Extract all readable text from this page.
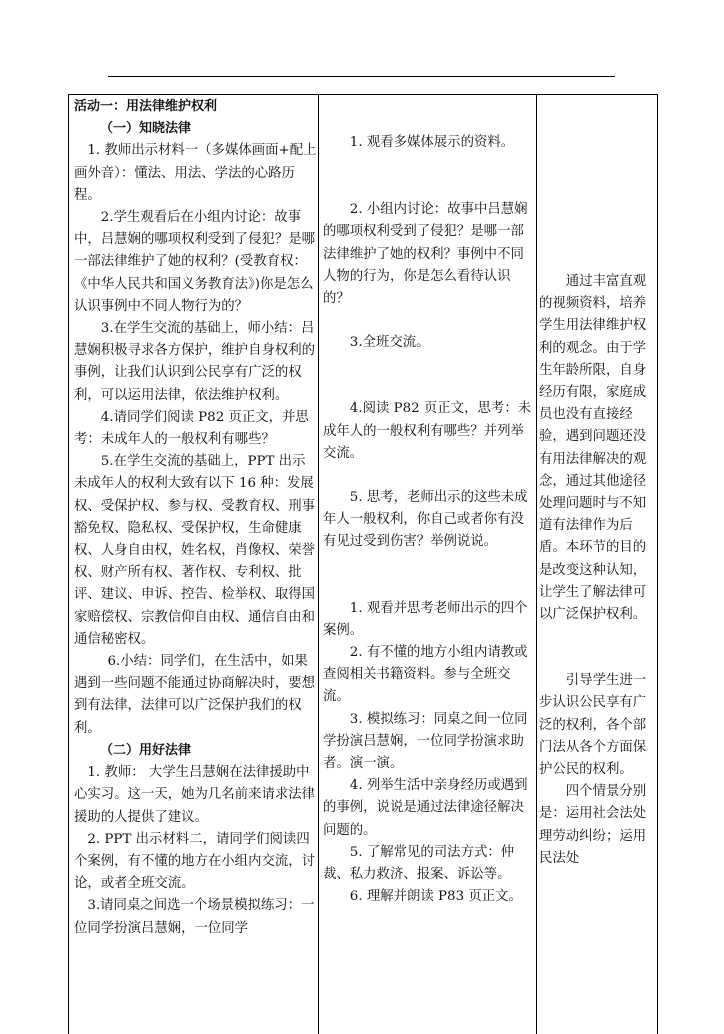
活动一：用法律维护权利
（一）知晓法律

1. 教师出示材料一（多媒体画面+配上画外音）：懂法、用法、学法的心路历程。

2.学生观看后在小组内讨论：故事中，吕慧娴的哪项权利受到了侵犯？是哪一部法律维护了她的权利？(受教育权：《中华人民共和国义务教育法》)你是怎么认识事例中不同人物行为的？

3.在学生交流的基础上，师小结：吕慧娴积极寻求各方保护，维护自身权利的事例，让我们认识到公民享有广泛的权利，可以运用法律，依法维护权利。

4.请同学们阅读 P82 页正文，并思考：未成年人的一般权利有哪些？

5.在学生交流的基础上，PPT 出示未成年人的权利大致有以下 16 种：发展权、受保护权、参与权、受教育权、刑事豁免权、隐私权、受保护权，生命健康权、人身自由权，姓名权，肖像权、荣誉权、财产所有权、著作权、专利权、批评、建议、申诉、控告、检举权、取得国家赔偿权、宗教信仰自由权、通信自由和通信秘密权。

6.小结：同学们，在生活中，如果遇到一些问题不能通过协商解决时，要想到有法律，法律可以广泛保护我们的权利。

（二）用好法律

1. 教师： 大学生吕慧娴在法律援助中心实习。这一天，她为几名前来请求法律援助的人提供了建议。

2. PPT 出示材料二，请同学们阅读四个案例，有不懂的地方在小组内交流，讨论，或者全班交流。

3.请同桌之间选一个场景模拟练习：一位同学扮演吕慧娴，一位同学

1. 观看多媒体展示的资料。

2. 小组内讨论：故事中吕慧娴的哪项权利受到了侵犯？是哪一部法律维护了她的权利？事例中不同人物的行为，你是怎么看待认识的？

3.全班交流。

4.阅读 P82 页正文，思考：未成年人的一般权利有哪些？并列举交流。

5. 思考，老师出示的这些未成年人一般权利，你自己或者你有没有见过受到伤害？举例说说。

1. 观看并思考老师出示的四个案例。

2. 有不懂的地方小组内请教或查阅相关书籍资料。参与全班交流。

3. 模拟练习：同桌之间一位同学扮演吕慧娴，一位同学扮演求助者。演一演。

4. 列举生活中亲身经历或遇到的事例，说说是通过法律途径解决问题的。

5. 了解常见的司法方式：仲裁、私力救济、报案、诉讼等。

6. 理解并朗读 P83 页正文。

通过丰富直观的视频资料，培养学生用法律维护权利的观念。由于学生年龄所限，自身经历有限，家庭成员也没有直接经验，遇到问题还没有用法律解决的观念，通过其他途径处理问题时与不知道有法律作为后盾。本环节的目的是改变这种认知，让学生了解法律可以广泛保护权利。

引导学生进一步认识公民享有广泛的权利，各个部门法从各个方面保护公民的权利。

四个情景分别是：运用社会法处理劳动纠纷；运用民法处
